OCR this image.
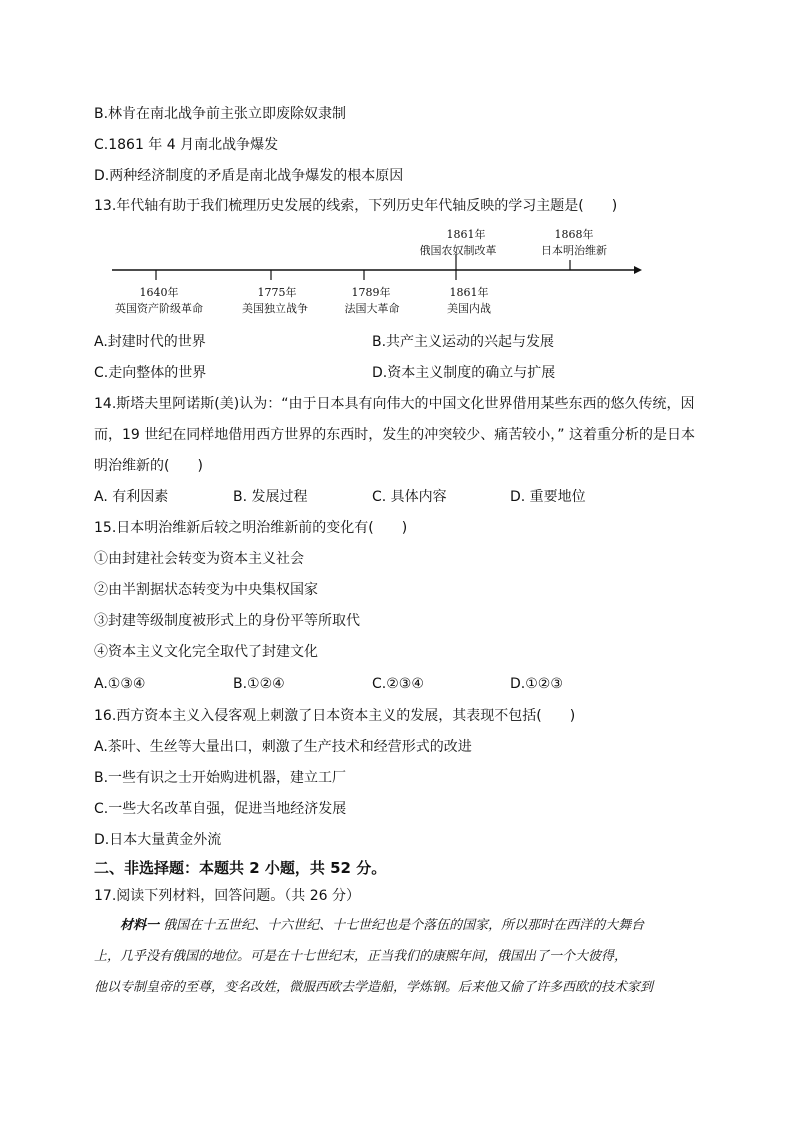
B.林肯在南北战争前主张立即废除奴隶制
C.1861 年 4 月南北战争爆发
D.两种经济制度的矛盾是南北战争爆发的根本原因
13.年代轴有助于我们梳理历史发展的线索，下列历史年代轴反映的学习主题是(　　)
1861年
俄国农奴制改革
1868年
日本明治维新
1640年
英国资产阶级革命
1775年
美国独立战争
1789年
法国大革命
1861年
美国内战
A.封建时代的世界	B.共产主义运动的兴起与发展
C.走向整体的世界	D.资本主义制度的确立与扩展
14.斯塔夫里阿诺斯(美)认为：“由于日本具有向伟大的中国文化世界借用某些东西的悠久传统，因
而，19 世纪在同样地借用西方世界的东西时，发生的冲突较少、痛苦较小，” 这着重分析的是日本
明治维新的(　　)
A. 有利因素	B. 发展过程	C. 具体内容	D. 重要地位
15.日本明治维新后较之明治维新前的变化有(　　)
①由封建社会转变为资本主义社会
②由半割据状态转变为中央集权国家
③封建等级制度被形式上的身份平等所取代
④资本主义文化完全取代了封建文化
A.①③④	B.①②④	C.②③④	D.①②③
16.西方资本主义入侵客观上刺激了日本资本主义的发展，其表现不包括(　　)
A.茶叶、生丝等大量出口，刺激了生产技术和经营形式的改进
B.一些有识之士开始购进机器，建立工厂
C.一些大名改革自强，促进当地经济发展
D.日本大量黄金外流
二、非选择题：本题共 2 小题，共 52 分。
17.阅读下列材料，回答问题。（共 26 分）
材料一 俄国在十五世纪、十六世纪、十七世纪也是个落伍的国家，所以那时在西洋的大舞台
上，几乎没有俄国的地位。可是在十七世纪末，正当我们的康熙年间，俄国出了一个大彼得，
他以专制皇帝的至尊，变名改姓，微服西欧去学造船，学炼钢。后来他又偷了许多西欧的技术家到
